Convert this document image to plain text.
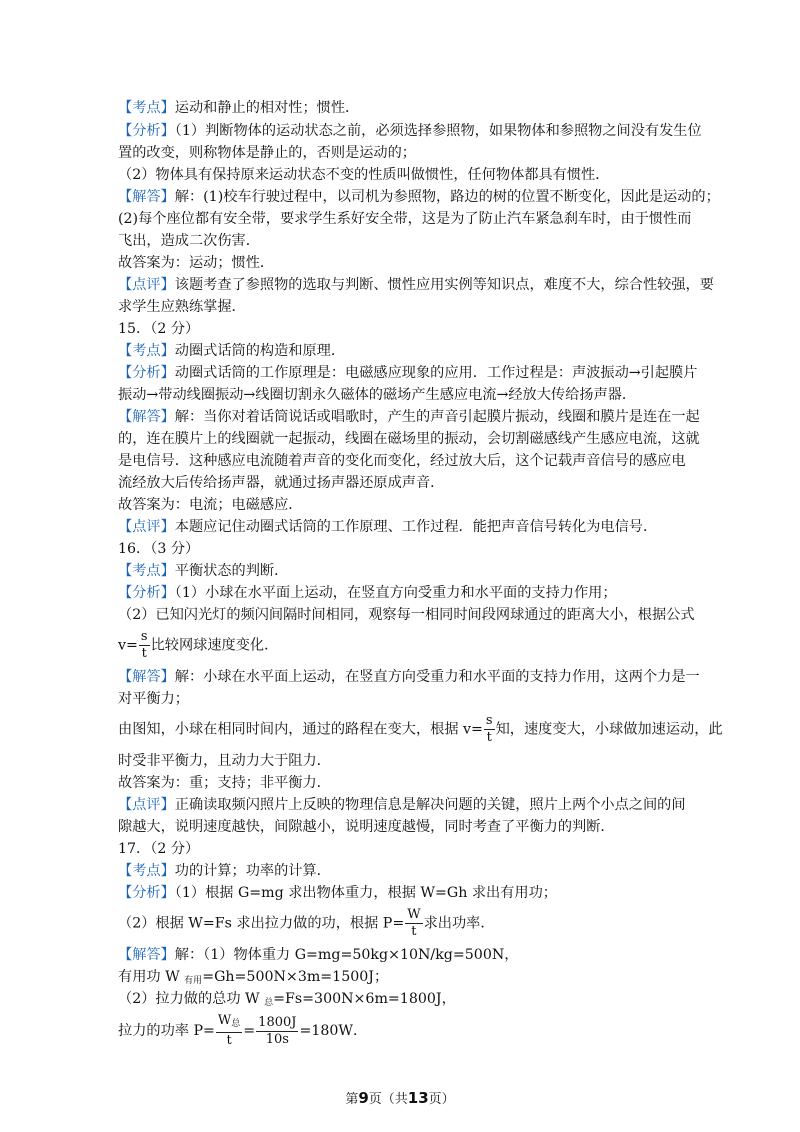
【考点】运动和静止的相对性；惯性．
【分析】（1）判断物体的运动状态之前，必须选择参照物，如果物体和参照物之间没有发生位
置的改变，则称物体是静止的，否则是运动的；
（2）物体具有保持原来运动状态不变的性质叫做惯性，任何物体都具有惯性．
【解答】解：(1)校车行驶过程中，以司机为参照物，路边的树的位置不断变化，因此是运动的；
(2)每个座位都有安全带，要求学生系好安全带，这是为了防止汽车紧急刹车时，由于惯性而
飞出，造成二次伤害．
故答案为：运动；惯性．
【点评】该题考查了参照物的选取与判断、惯性应用实例等知识点，难度不大，综合性较强，要
求学生应熟练掌握．
15．（2 分）
【考点】动圈式话筒的构造和原理．
【分析】动圈式话筒的工作原理是：电磁感应现象的应用．工作过程是：声波振动→引起膜片
振动→带动线圈振动→线圈切割永久磁体的磁场产生感应电流→经放大传给扬声器．
【解答】解：当你对着话筒说话或唱歌时，产生的声音引起膜片振动，线圈和膜片是连在一起
的，连在膜片上的线圈就一起振动，线圈在磁场里的振动，会切割磁感线产生感应电流，这就
是电信号．这种感应电流随着声音的变化而变化，经过放大后，这个记载声音信号的感应电
流经放大后传给扬声器，就通过扬声器还原成声音．
故答案为：电流；电磁感应．
【点评】本题应记住动圈式话筒的工作原理、工作过程．能把声音信号转化为电信号．
16．（3 分）
【考点】平衡状态的判断．
【分析】（1）小球在水平面上运动，在竖直方向受重力和水平面的支持力作用；
（2）已知闪光灯的频闪间隔时间相同，观察每一相同时间段网球通过的距离大小，根据公式
$v= \frac{s}{t}$ 比较网球速度变化．
【解答】解：小球在水平面上运动，在竖直方向受重力和水平面的支持力作用，这两个力是一
对平衡力；
由图知，小球在相同时间内，通过的路程在变大，根据 $v= \frac{s}{t}$ 知，速度变大，小球做加速运动，此
时受非平衡力，且动力大于阻力．
故答案为：重；支持；非平衡力．
【点评】正确读取频闪照片上反映的物理信息是解决问题的关键，照片上两个小点之间的间
隙越大，说明速度越快，间隙越小，说明速度越慢，同时考查了平衡力的判断．
17．（2 分）
【考点】功的计算；功率的计算．
【分析】（1）根据 G=mg 求出物体重力，根据 W=Gh 求出有用功；
（2）根据 W=Fs 求出拉力做的功，根据 $P= \frac{W}{t}$ 求出功率．
【解答】解：（1）物体重力 G=mg=50kg×10N/kg=500N，
有用功 W $_{有用}$=Gh=500N×3m=1500J；
（2）拉力做的总功 W $_总$=Fs=300N×6m=1800J，
拉力的功率 $P= \frac{W_总}{t} = \frac{1800J}{10s} =180W$．
第9页（共13页）
